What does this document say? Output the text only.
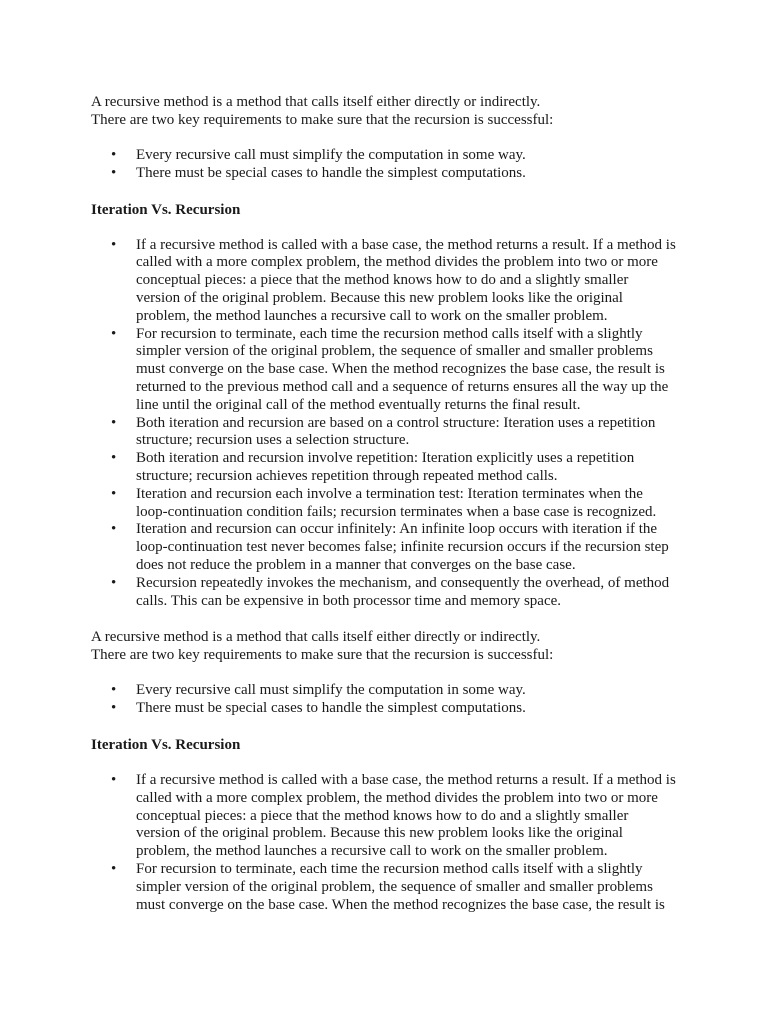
A recursive method is a method that calls itself either directly or indirectly.
There are two key requirements to make sure that the recursion is successful:

• Every recursive call must simplify the computation in some way.
• There must be special cases to handle the simplest computations.

Iteration Vs. Recursion

• If a recursive method is called with a base case, the method returns a result. If a method is
called with a more complex problem, the method divides the problem into two or more
conceptual pieces: a piece that the method knows how to do and a slightly smaller
version of the original problem. Because this new problem looks like the original
problem, the method launches a recursive call to work on the smaller problem.
• For recursion to terminate, each time the recursion method calls itself with a slightly
simpler version of the original problem, the sequence of smaller and smaller problems
must converge on the base case. When the method recognizes the base case, the result is
returned to the previous method call and a sequence of returns ensures all the way up the
line until the original call of the method eventually returns the final result.
• Both iteration and recursion are based on a control structure: Iteration uses a repetition
structure; recursion uses a selection structure.
• Both iteration and recursion involve repetition: Iteration explicitly uses a repetition
structure; recursion achieves repetition through repeated method calls.
• Iteration and recursion each involve a termination test: Iteration terminates when the
loop-continuation condition fails; recursion terminates when a base case is recognized.
• Iteration and recursion can occur infinitely: An infinite loop occurs with iteration if the
loop-continuation test never becomes false; infinite recursion occurs if the recursion step
does not reduce the problem in a manner that converges on the base case.
• Recursion repeatedly invokes the mechanism, and consequently the overhead, of method
calls. This can be expensive in both processor time and memory space.

A recursive method is a method that calls itself either directly or indirectly.
There are two key requirements to make sure that the recursion is successful:

• Every recursive call must simplify the computation in some way.
• There must be special cases to handle the simplest computations.

Iteration Vs. Recursion

• If a recursive method is called with a base case, the method returns a result. If a method is
called with a more complex problem, the method divides the problem into two or more
conceptual pieces: a piece that the method knows how to do and a slightly smaller
version of the original problem. Because this new problem looks like the original
problem, the method launches a recursive call to work on the smaller problem.
• For recursion to terminate, each time the recursion method calls itself with a slightly
simpler version of the original problem, the sequence of smaller and smaller problems
must converge on the base case. When the method recognizes the base case, the result is
